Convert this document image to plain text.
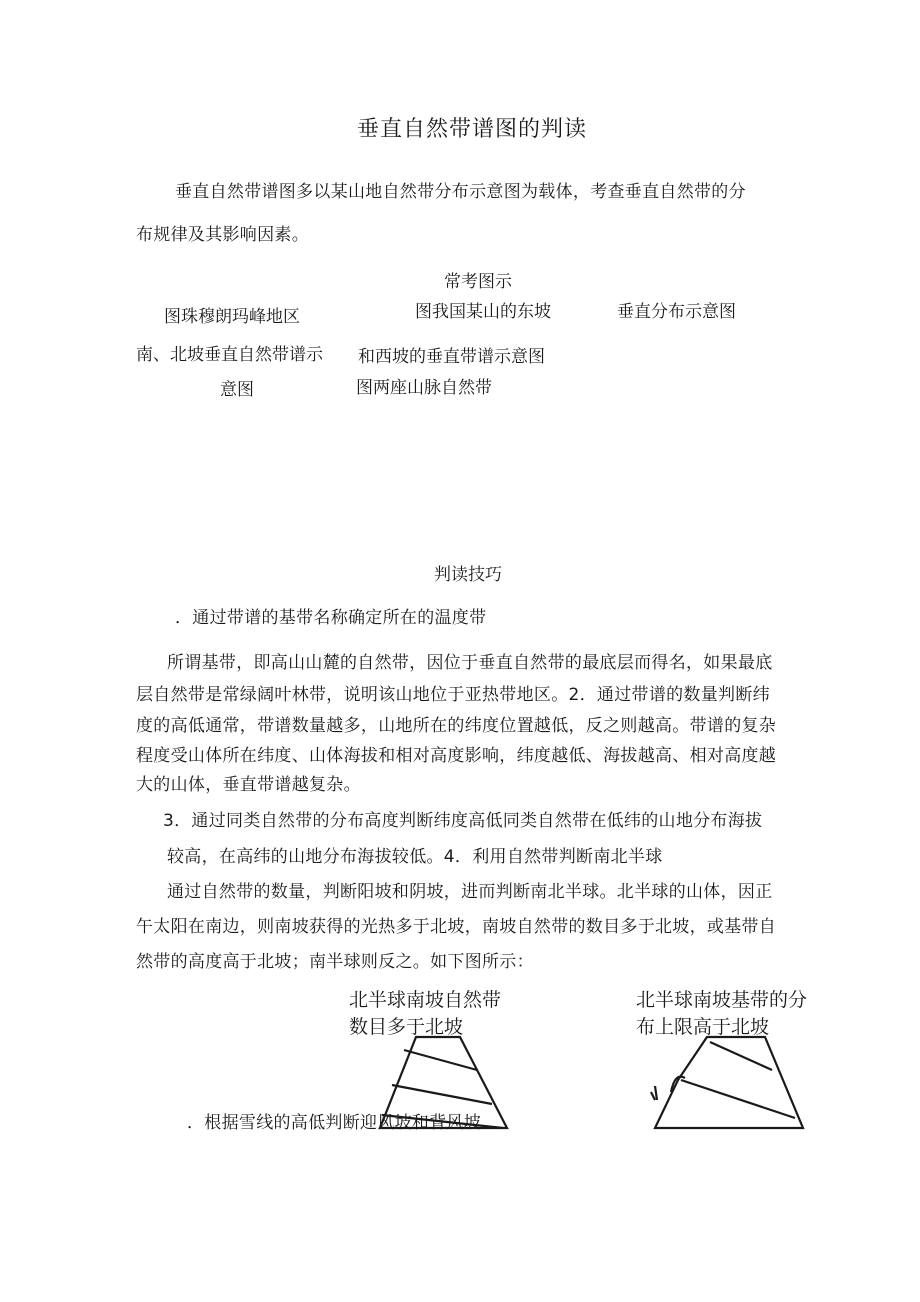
垂直自然带谱图的判读
垂直自然带谱图多以某山地自然带分布示意图为载体，考查垂直自然带的分
布规律及其影响因素。
常考图示
图珠穆朗玛峰地区
南、北坡垂直自然带谱示
意图
图我国某山的东坡
和西坡的垂直带谱示意图
图两座山脉自然带
垂直分布示意图
判读技巧
．通过带谱的基带名称确定所在的温度带
所谓基带，即高山山麓的自然带，因位于垂直自然带的最底层而得名，如果最底
层自然带是常绿阔叶林带，说明该山地位于亚热带地区。2．通过带谱的数量判断纬
度的高低通常，带谱数量越多，山地所在的纬度位置越低，反之则越高。带谱的复杂
程度受山体所在纬度、山体海拔和相对高度影响，纬度越低、海拔越高、相对高度越
大的山体，垂直带谱越复杂。
3．通过同类自然带的分布高度判断纬度高低同类自然带在低纬的山地分布海拔
较高，在高纬的山地分布海拔较低。4．利用自然带判断南北半球
通过自然带的数量，判断阳坡和阴坡，进而判断南北半球。北半球的山体，因正
午太阳在南边，则南坡获得的光热多于北坡，南坡自然带的数目多于北坡，或基带自
然带的高度高于北坡；南半球则反之。如下图所示：
北半球南坡自然带
数目多于北坡
北半球南坡基带的分
布上限高于北坡
．根据雪线的高低判断迎风坡和背风坡
